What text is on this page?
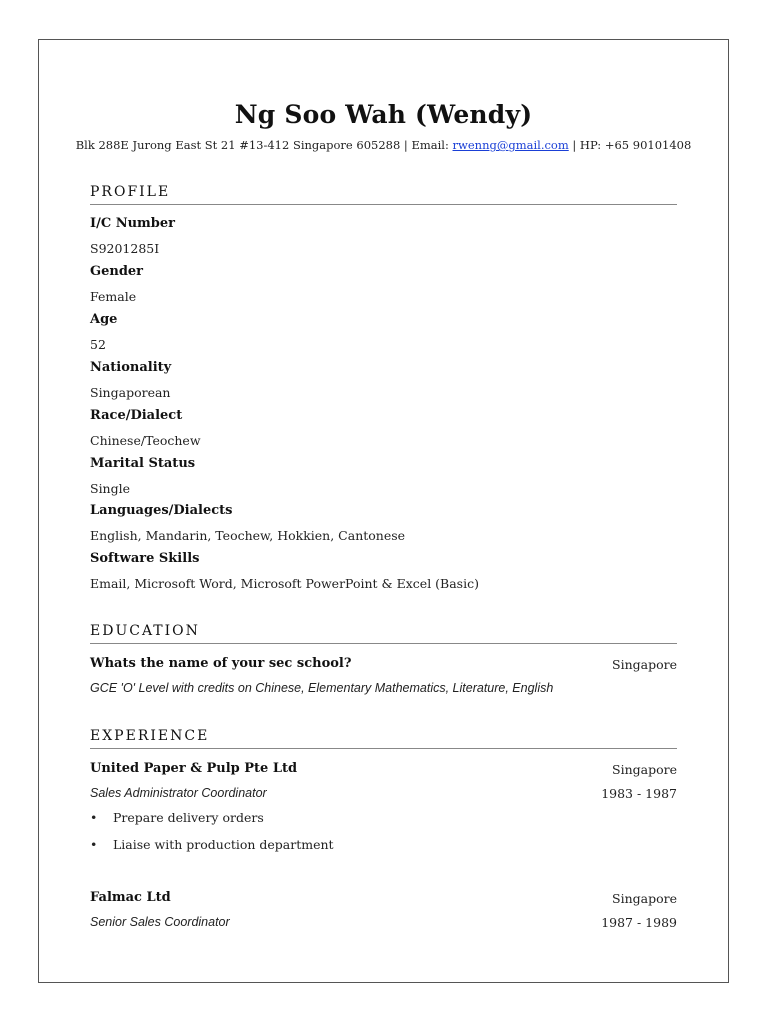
Ng Soo Wah (Wendy)
Blk 288E Jurong East St 21 #13-412 Singapore 605288 | Email: rwenng@gmail.com | HP: +65 90101408
PROFILE
I/C Number
S9201285I
Gender
Female
Age
52
Nationality
Singaporean
Race/Dialect
Chinese/Teochew
Marital Status
Single
Languages/Dialects
English, Mandarin, Teochew, Hokkien, Cantonese
Software Skills
Email, Microsoft Word, Microsoft PowerPoint & Excel (Basic)
EDUCATION
Whats the name of your sec school?	Singapore
GCE 'O' Level with credits on Chinese, Elementary Mathematics, Literature, English
EXPERIENCE
United Paper & Pulp Pte Ltd	Singapore
Sales Administrator Coordinator	1983 - 1987
• Prepare delivery orders
• Liaise with production department
Falmac Ltd	Singapore
Senior Sales Coordinator	1987 - 1989
